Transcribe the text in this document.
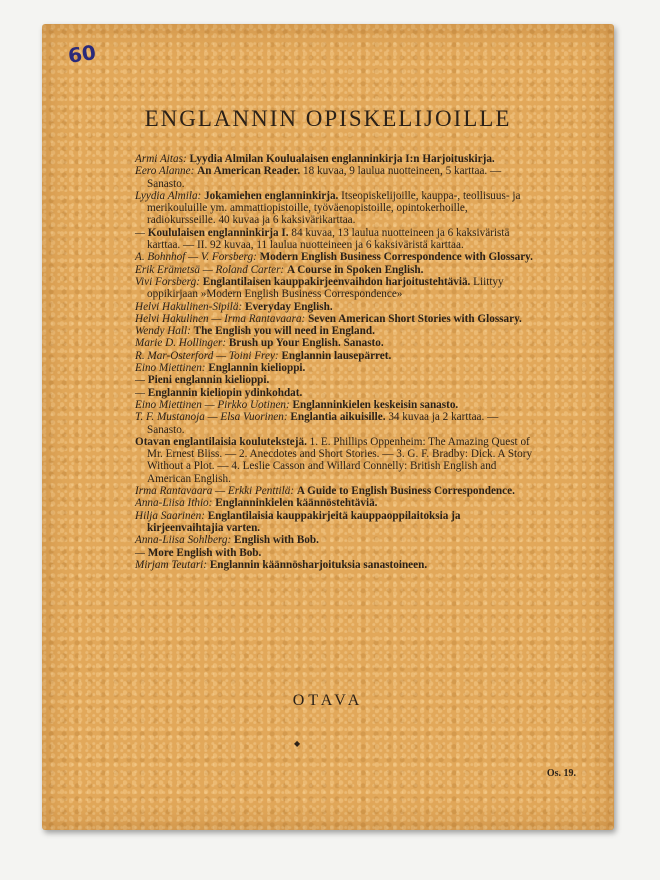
60
ENGLANNIN OPISKELIJOILLE

Armi Aitas: Lyydia Almilan Koulualaisen englanninkirja I:n Harjoituskirja.

Eero Alanne: An American Reader. 18 kuvaa, 9 laulua nuotteineen, 5 karttaa. — Sanasto.

Lyydia Almila: Jokamiehen englanninkirja. Itseopiskelijoille, kauppa-, teollisuus- ja merikouluille ym. ammattiopistoille, työväenopistoille, opintokerhoille, radiokursseille. 40 kuvaa ja 6 kaksivärikarttaa.

— Koululaisen englanninkirja I. 84 kuvaa, 13 laulua nuotteineen ja 6 kaksiväristä karttaa. — II. 92 kuvaa, 11 laulua nuotteineen ja 6 kaksiväristä karttaa.

A. Bohnhof — V. Forsberg: Modern English Business Correspondence with Glossary.

Erik Erämetsä — Roland Carter: A Course in Spoken English.

Vivi Forsberg: Englantilaisen kauppakirjeenvaihdon harjoitustehtäviä. Liittyy oppikirjaan »Modern English Business Correspondence»

Helvi Hakulinen-Sipilä: Everyday English.

Helvi Hakulinen — Irma Rantavaara: Seven American Short Stories with Glossary.

Wendy Hall: The English you will need in England.

Marie D. Hollinger: Brush up Your English. Sanasto.

R. Mar-Osterford — Toini Frey: Englannin lausepärret.

Eino Miettinen: Englannin kielioppi.

— Pieni englannin kielioppi.

— Englannin kieliopin ydinkohdat.

Eino Miettinen — Pirkko Uotinen: Englanninkielen keskeisin sanasto.

T. F. Mustanoja — Elsa Vuorinen: Englantia aikuisille. 34 kuvaa ja 2 karttaa. — Sanasto.

Otavan englantilaisia koulutekstejä. 1. E. Phillips Oppenheim: The Amazing Quest of Mr. Ernest Bliss. — 2. Anecdotes and Short Stories. — 3. G. F. Bradby: Dick. A Story Without a Plot. — 4. Leslie Casson and Willard Connelly: British English and American English.

Irma Rantavaara — Erkki Penttilä: A Guide to English Business Correspondence.

Anna-Liisa Ithio: Englanninkielen käännöstehtäviä.

Hilja Saarinen: Englantilaisia kauppakirjeitä kauppaoppilaitoksia ja kirjeenvaihtajia varten.

Anna-Liisa Sohlberg: English with Bob.

— More English with Bob.

Mirjam Teutari: Englannin käännösharjoituksia sanastoineen.

OTAVA
◆
Os. 19.
